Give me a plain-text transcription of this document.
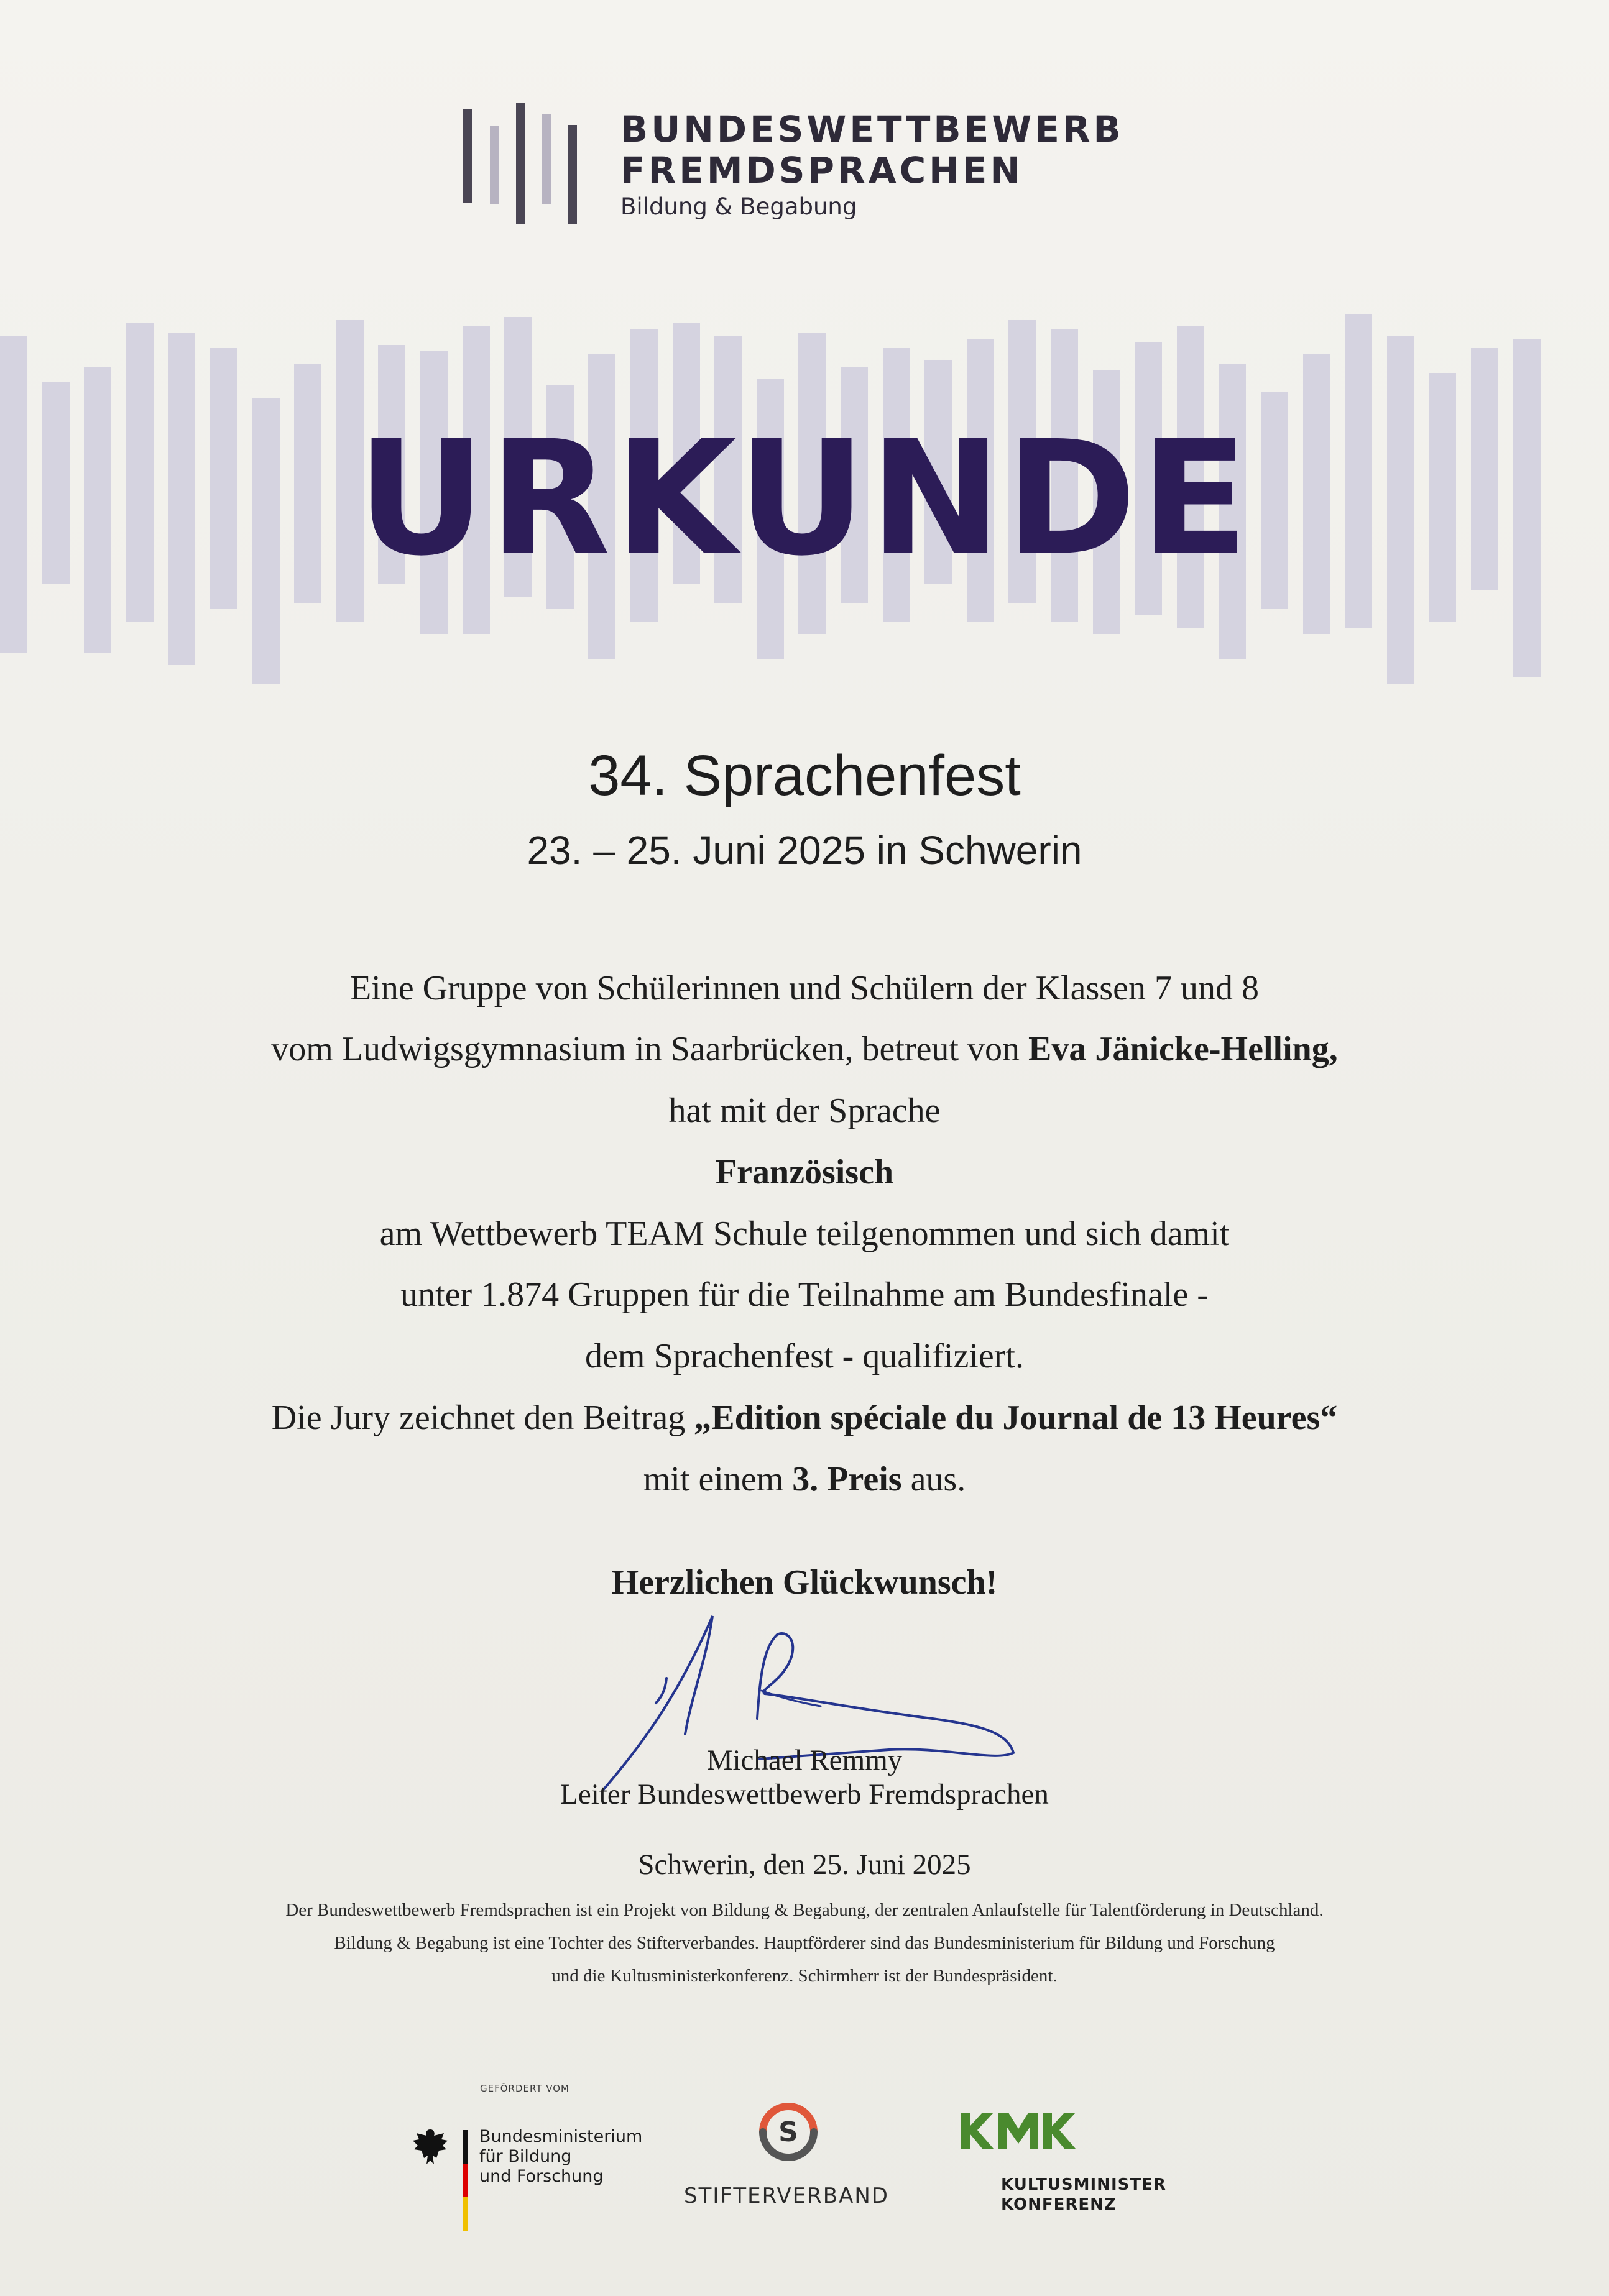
BUNDESWETTBEWERB
FREMDSPRACHEN
Bildung & Begabung
URKUNDE
34. Sprachenfest
23. – 25. Juni 2025 in Schwerin
Eine Gruppe von Schülerinnen und Schülern der Klassen 7 und 8
vom Ludwigsgymnasium in Saarbrücken, betreut von Eva Jänicke-Helling,
hat mit der Sprache
Französisch
am Wettbewerb TEAM Schule teilgenommen und sich damit
unter 1.874 Gruppen für die Teilnahme am Bundesfinale -
dem Sprachenfest - qualifiziert.
Die Jury zeichnet den Beitrag „Edition spéciale du Journal de 13 Heures“
mit einem 3. Preis aus.
Herzlichen Glückwunsch!
Michael Remmy
Leiter Bundeswettbewerb Fremdsprachen
Schwerin, den 25. Juni 2025
Der Bundeswettbewerb Fremdsprachen ist ein Projekt von Bildung & Begabung, der zentralen Anlaufstelle für Talentförderung in Deutschland.
Bildung & Begabung ist eine Tochter des Stifterverbandes. Hauptförderer sind das Bundesministerium für Bildung und Forschung
und die Kultusministerkonferenz. Schirmherr ist der Bundespräsident.
GEFÖRDERT VOM
Bundesministerium
für Bildung
und Forschung
S
STIFTERVERBAND	KULTUSMINISTER
KONFERENZ
